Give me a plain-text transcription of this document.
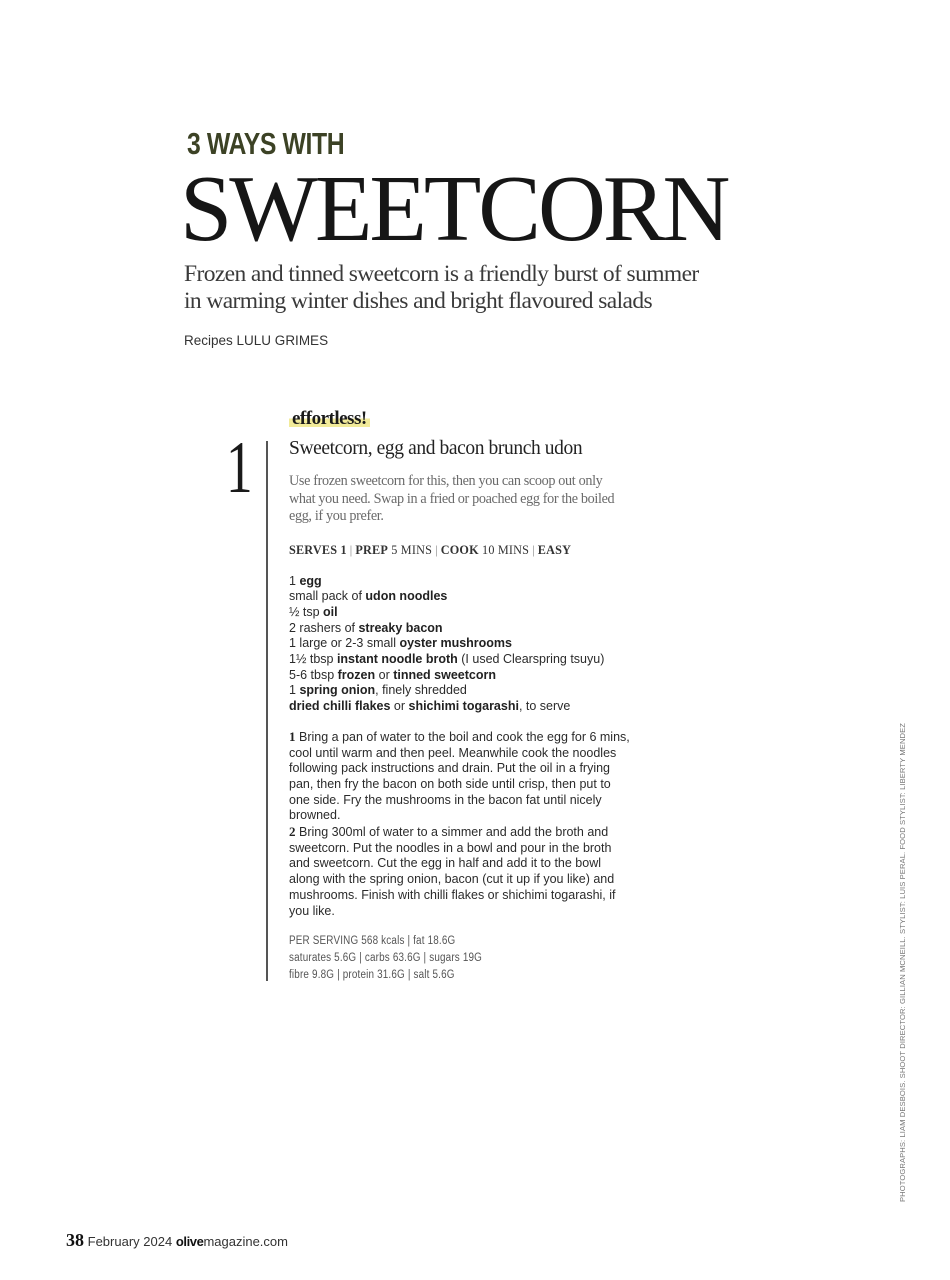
3 WAYS WITH
SWEETCORN
Frozen and tinned sweetcorn is a friendly burst of summer
in warming winter dishes and bright flavoured salads
Recipes LULU GRIMES
effortless!
1 Sweetcorn, egg and bacon brunch udon
Use frozen sweetcorn for this, then you can scoop out only what you need. Swap in a fried or poached egg for the boiled egg, if you prefer.
SERVES 1 | PREP 5 MINS | COOK 10 MINS | EASY
1 egg
small pack of udon noodles
½ tsp oil
2 rashers of streaky bacon
1 large or 2-3 small oyster mushrooms
1½ tbsp instant noodle broth (I used Clearspring tsuyu)
5-6 tbsp frozen or tinned sweetcorn
1 spring onion, finely shredded
dried chilli flakes or shichimi togarashi, to serve
1 Bring a pan of water to the boil and cook the egg for 6 mins, cool until warm and then peel. Meanwhile cook the noodles following pack instructions and drain. Put the oil in a frying pan, then fry the bacon on both side until crisp, then put to one side. Fry the mushrooms in the bacon fat until nicely browned.
2 Bring 300ml of water to a simmer and add the broth and sweetcorn. Put the noodles in a bowl and pour in the broth and sweetcorn. Cut the egg in half and add it to the bowl along with the spring onion, bacon (cut it up if you like) and mushrooms. Finish with chilli flakes or shichimi togarashi, if you like.
PER SERVING 568 kcals | fat 18.6G
saturates 5.6G | carbs 63.6G | sugars 19G
fibre 9.8G | protein 31.6G | salt 5.6G	PHOTOGRAPHS: LIAM DESBOIS. SHOOT DIRECTOR: GILLIAN MCNEILL. STYLIST: LUIS PERAL. FOOD STYLIST: LIBERTY MENDEZ
38 February 2024 olivemagazine.com
